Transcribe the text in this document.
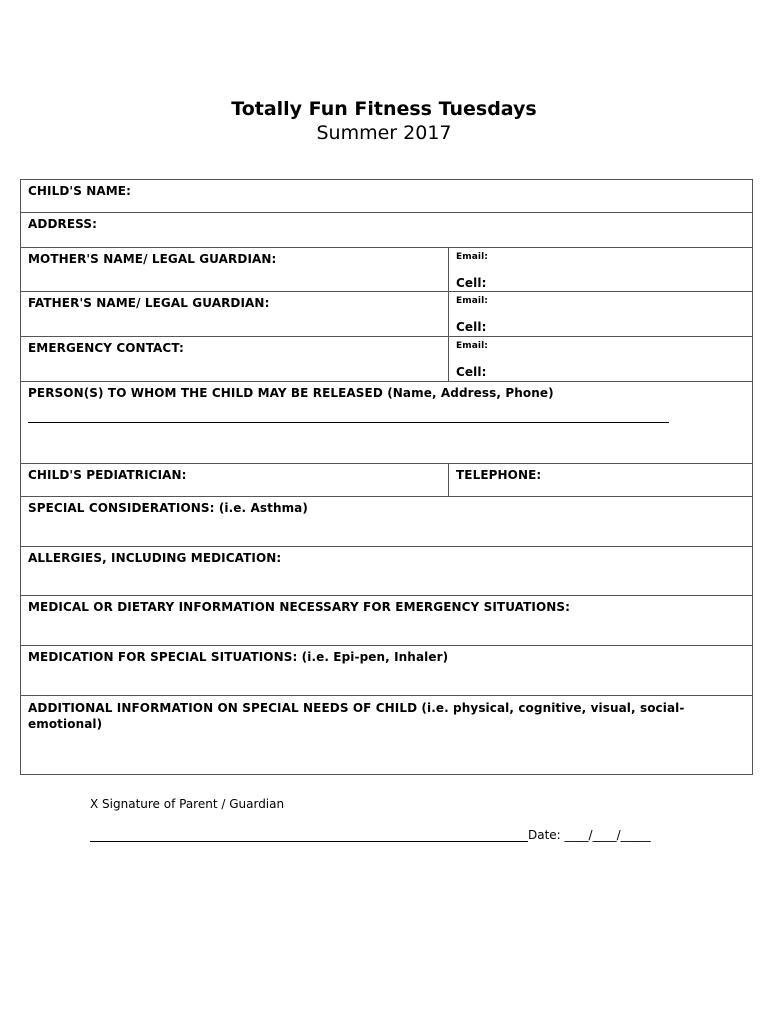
Totally Fun Fitness Tuesdays
Summer 2017
CHILD'S NAME:
ADDRESS:
MOTHER'S NAME/ LEGAL GUARDIAN:	Email:
Cell:
FATHER'S NAME/ LEGAL GUARDIAN:	Email:
Cell:
EMERGENCY CONTACT:	Email:
Cell:
PERSON(S) TO WHOM THE CHILD MAY BE RELEASED (Name, Address, Phone)
CHILD'S PEDIATRICIAN:	TELEPHONE:
SPECIAL CONSIDERATIONS: (i.e. Asthma)
ALLERGIES, INCLUDING MEDICATION:
MEDICAL OR DIETARY INFORMATION NECESSARY FOR EMERGENCY SITUATIONS:
MEDICATION FOR SPECIAL SITUATIONS: (i.e. Epi-pen, Inhaler)
ADDITIONAL INFORMATION ON SPECIAL NEEDS OF CHILD (i.e. physical, cognitive, visual, social-emotional)
X Signature of Parent / Guardian
Date: ____/____/_____
